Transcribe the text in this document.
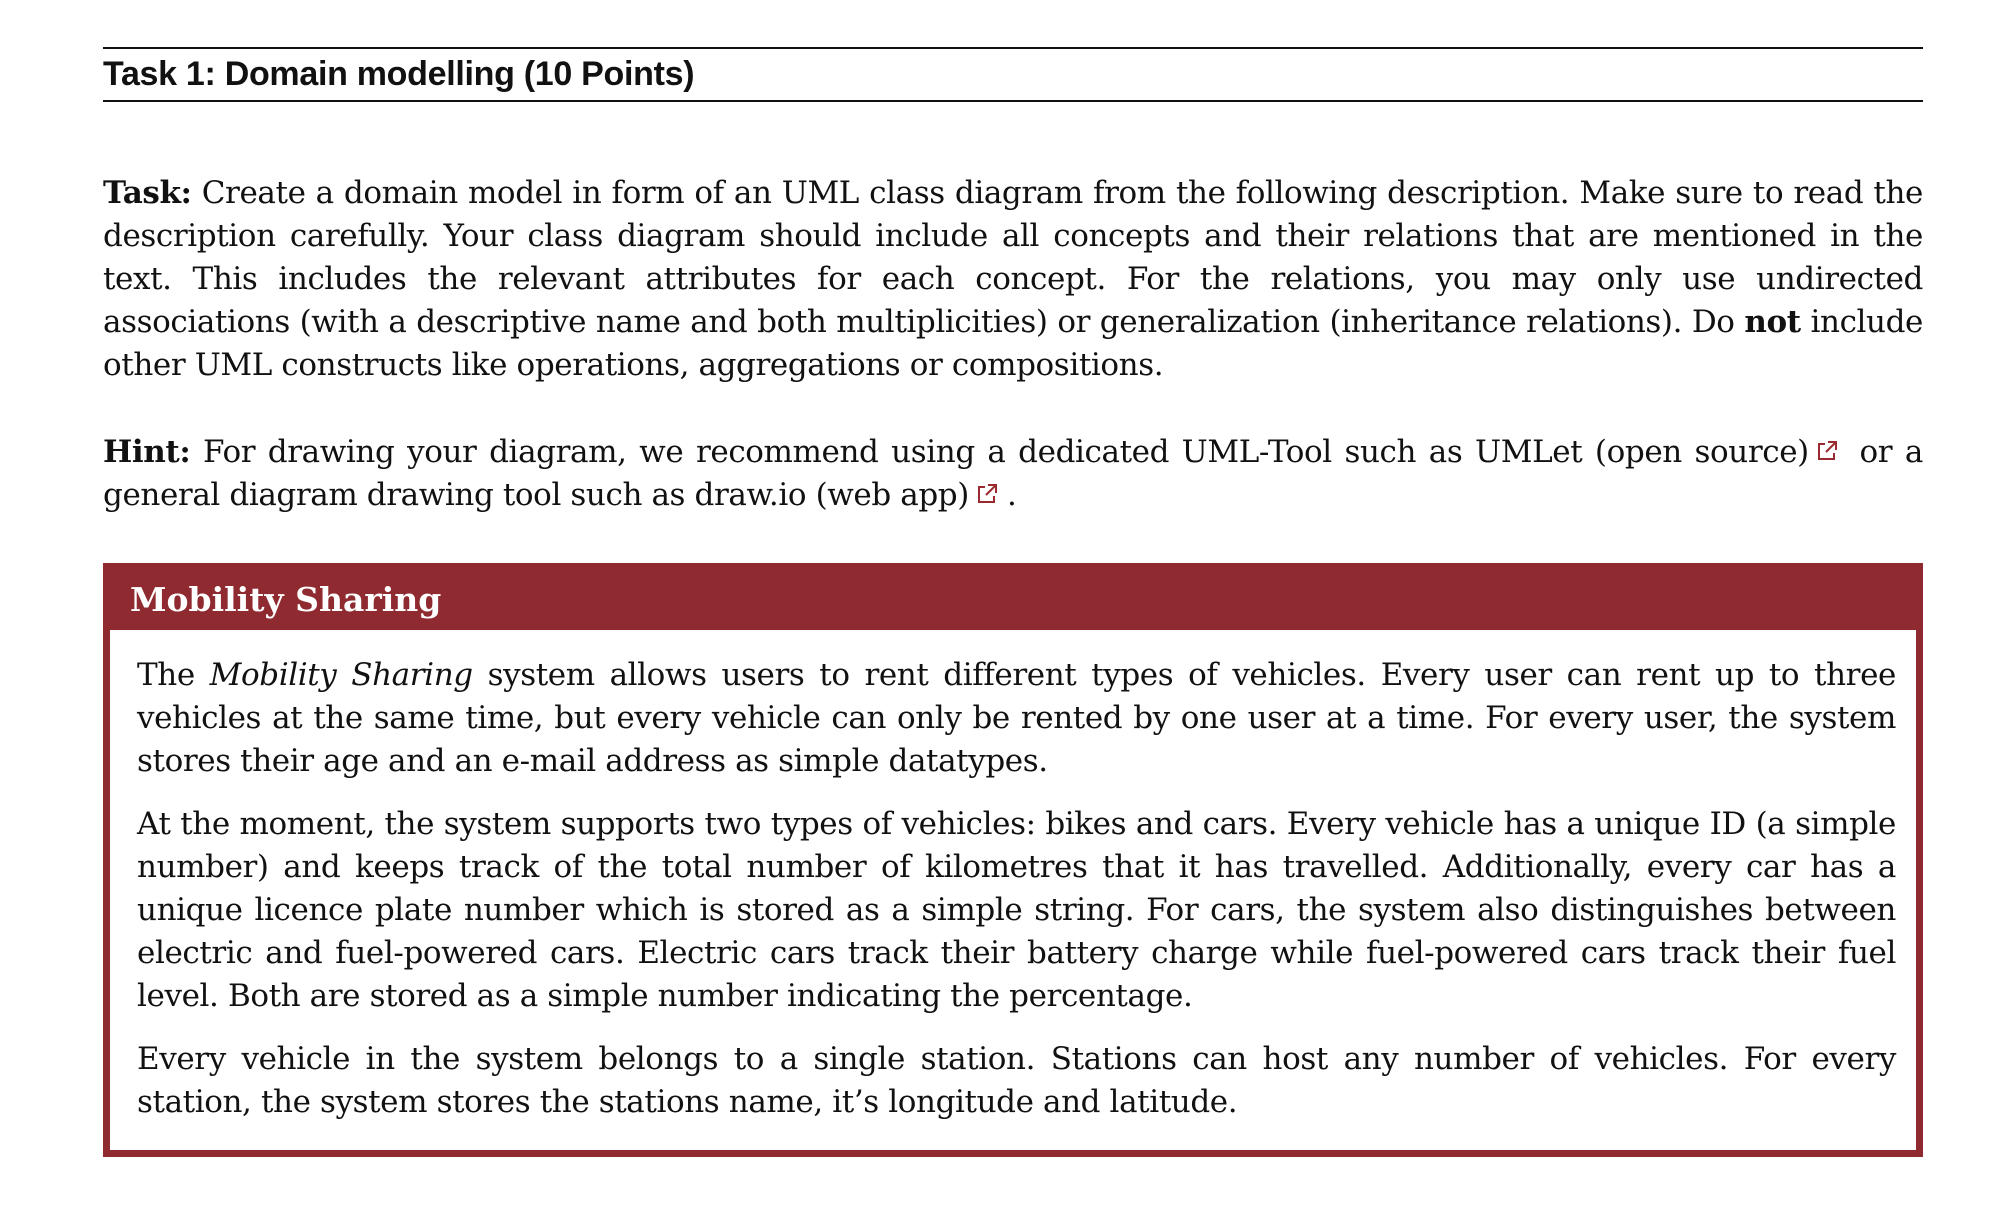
Task 1: Domain modelling (10 Points)
Task: Create a domain model in form of an UML class diagram from the following description. Make sure to read the description carefully. Your class diagram should include all concepts and their relations that are mentioned in the text. This includes the relevant attributes for each concept. For the relations, you may only use undirected associations (with a descriptive name and both multiplicities) or generalization (inheritance relations). Do not include other UML constructs like operations, aggregations or compositions.
Hint: For drawing your diagram, we recommend using a dedicated UML-Tool such as UMLet (open source) or a general diagram drawing tool such as draw.io (web app) .
Mobility Sharing

The Mobility Sharing system allows users to rent different types of vehicles. Every user can rent up to three vehicles at the same time, but every vehicle can only be rented by one user at a time. For every user, the system stores their age and an e-mail address as simple datatypes.

At the moment, the system supports two types of vehicles: bikes and cars. Every vehicle has a unique ID (a simple number) and keeps track of the total number of kilometres that it has travelled. Additionally, every car has a unique licence plate number which is stored as a simple string. For cars, the system also distinguishes between electric and fuel-powered cars. Electric cars track their battery charge while fuel-powered cars track their fuel level. Both are stored as a simple number indicating the percentage.

Every vehicle in the system belongs to a single station. Stations can host any number of vehicles. For every station, the system stores the stations name, it’s longitude and latitude.
